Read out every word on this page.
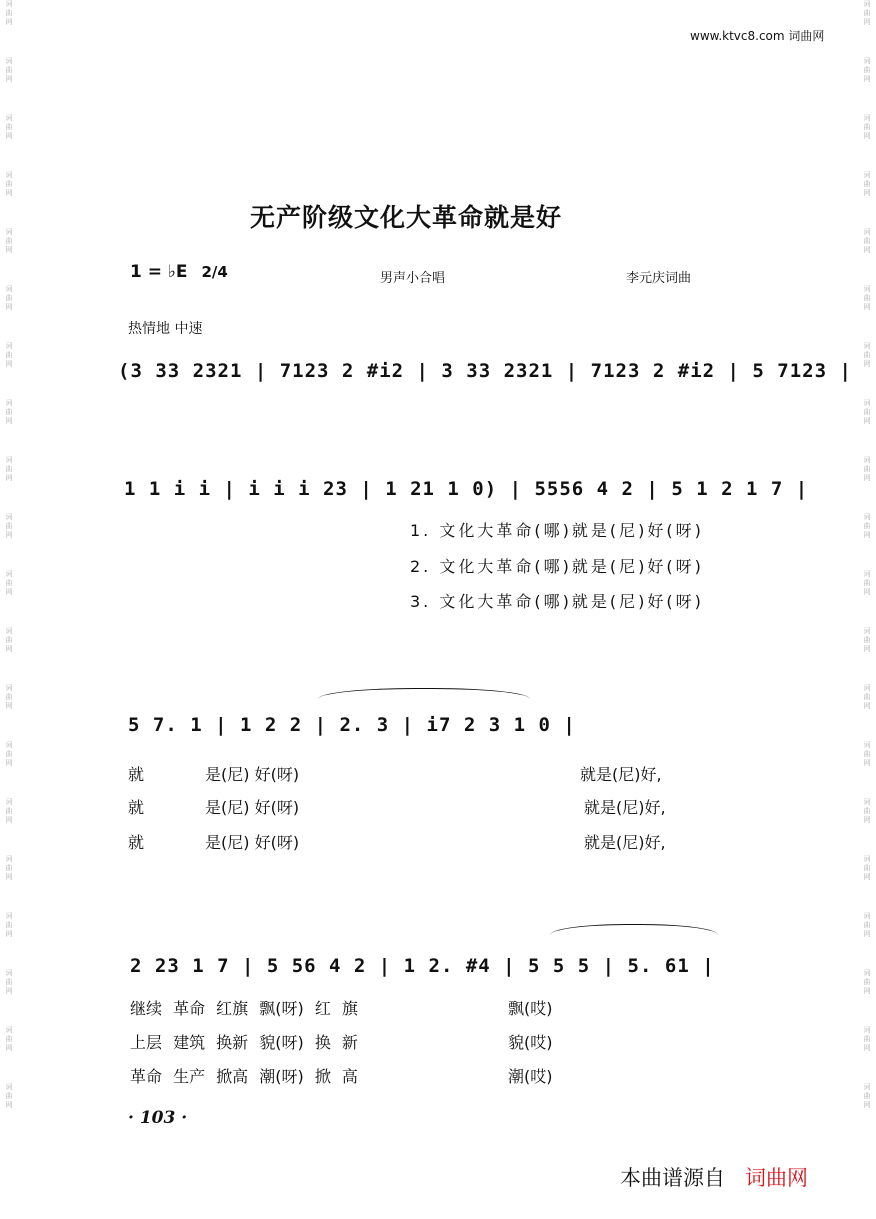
词
曲
网
词
曲
网
词
曲
网
词
曲
网
词
曲
网
词
曲
网
词
曲
网
词
曲
网
词
曲
网
词
曲
网
词
曲
网
词
曲
网
词
曲
网
词
曲
网
词
曲
网
词
曲
网
词
曲
网
词
曲
网
词
曲
网
词
曲
网
词
曲
网
词
曲
网
词
曲
网
词
曲
网
词
曲
网
词
曲
网
词
曲
网
词
曲
网
词
曲
网
词
曲
网
词
曲
网
词
曲
网
词
曲
网
词
曲
网
词
曲
网
词
曲
网
词
曲
网
词
曲
网
词
曲
网
词
曲
网
www.ktvc8.com 词曲网
无产阶级文化大革命就是好
1 = ♭E 2/4	男声小合唱	李元庆词曲
热情地 中速
(3 33 2321 | 7123 2 #i2 | 3 33 2321 | 7123 2 #i2 | 5 7123 |
1 1 i i | i i i 23 | 1 21 1 0) | 5556 4 2 | 5 1 2 1 7 |
1. 文化大革命(哪)就是(尼)好(呀)
2. 文化大革命(哪)就是(尼)好(呀)
3. 文化大革命(哪)就是(尼)好(呀)
5 7. 1 | 1 2 2 | 2. 3 | i7 2 3 1 0 |
就	是(尼) 好(呀)	就是(尼)好,
就	是(尼) 好(呀)	就是(尼)好,
就	是(尼) 好(呀)	就是(尼)好,
2 23 1 7 | 5 56 4 2 | 1 2. #4 | 5 5 5 | 5. 61 |
继续 革命 红旗 飘(呀) 红 旗	飘(哎)
上层 建筑 换新 貌(呀) 换 新	貌(哎)
革命 生产 掀高 潮(呀) 掀 高	潮(哎)
· 103 ·
本曲谱源自 词曲网
